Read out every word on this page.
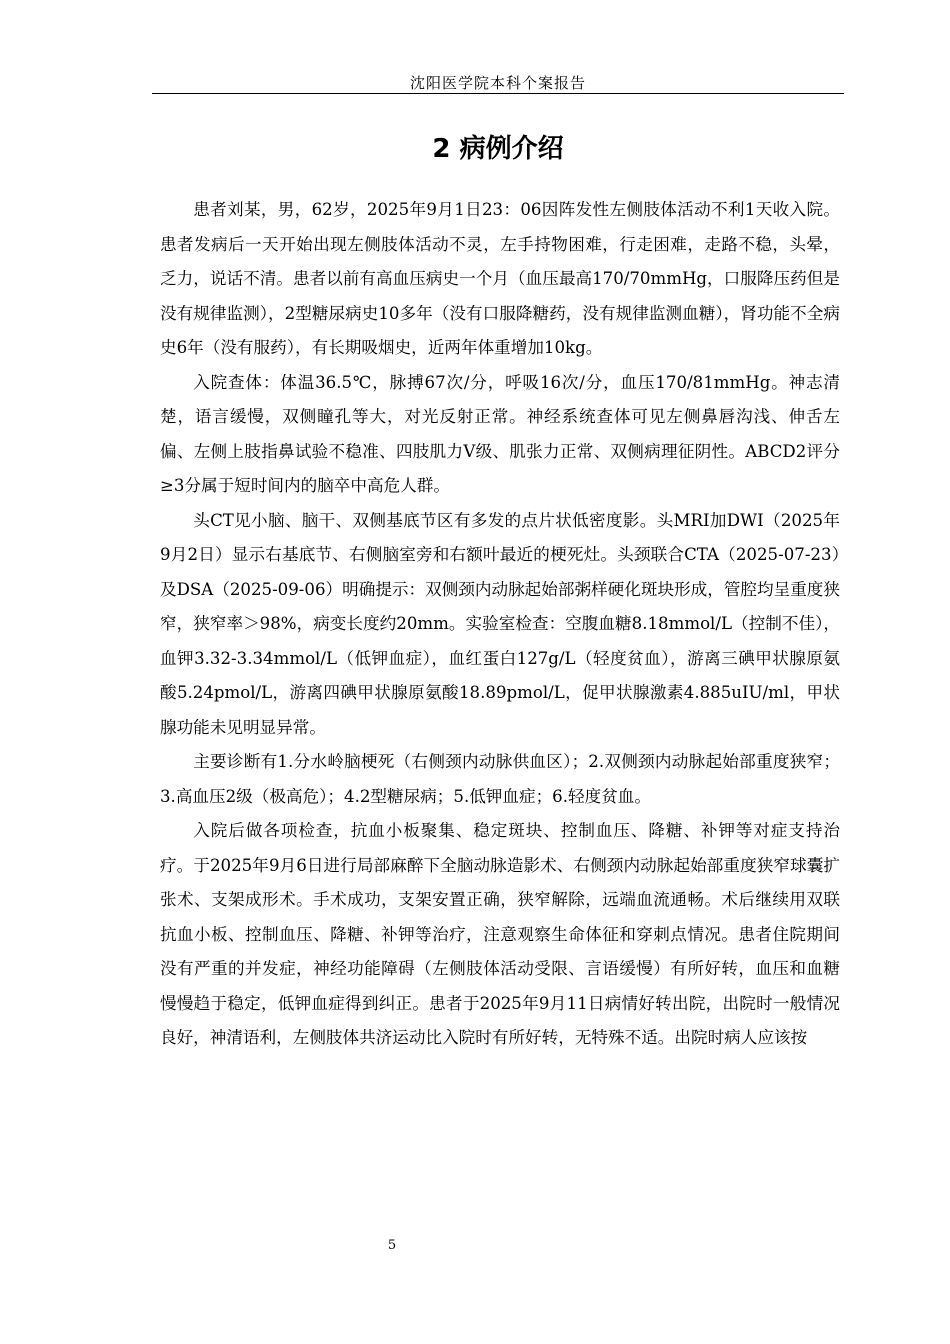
沈阳医学院本科个案报告
2 病例介绍

患者刘某，男，62岁，2025年9月1日23：06因阵发性左侧肢体活动不利1天收入院。患者发病后一天开始出现左侧肢体活动不灵，左手持物困难，行走困难，走路不稳，头晕，乏力，说话不清。患者以前有高血压病史一个月（血压最高170/70mmHg，口服降压药但是没有规律监测），2型糖尿病史10多年（没有口服降糖药，没有规律监测血糖），肾功能不全病史6年（没有服药），有长期吸烟史，近两年体重增加10kg。

入院查体：体温36.5℃，脉搏67次/分，呼吸16次/分，血压170/81mmHg。神志清楚，语言缓慢，双侧瞳孔等大，对光反射正常。神经系统查体可见左侧鼻唇沟浅、伸舌左偏、左侧上肢指鼻试验不稳准、四肢肌力Ⅴ级、肌张力正常、双侧病理征阴性。ABCD2评分≥3分属于短时间内的脑卒中高危人群。

头CT见小脑、脑干、双侧基底节区有多发的点片状低密度影。头MRI加DWI（2025年9月2日）显示右基底节、右侧脑室旁和右额叶最近的梗死灶。头颈联合CTA（2025-07-23）及DSA（2025-09-06）明确提示：双侧颈内动脉起始部粥样硬化斑块形成，管腔均呈重度狭窄，狭窄率＞98%，病变长度约20mm。实验室检查：空腹血糖8.18mmol/L（控制不佳），血钾3.32-3.34mmol/L（低钾血症），血红蛋白127g/L（轻度贫血），游离三碘甲状腺原氨酸5.24pmol/L，游离四碘甲状腺原氨酸18.89pmol/L，促甲状腺激素4.885uIU/ml，甲状腺功能未见明显异常。

主要诊断有1.分水岭脑梗死（右侧颈内动脉供血区）；2.双侧颈内动脉起始部重度狭窄；3.高血压2级（极高危）；4.2型糖尿病；5.低钾血症；6.轻度贫血。

入院后做各项检查，抗血小板聚集、稳定斑块、控制血压、降糖、补钾等对症支持治疗。于2025年9月6日进行局部麻醉下全脑动脉造影术、右侧颈内动脉起始部重度狭窄球囊扩张术、支架成形术。手术成功，支架安置正确，狭窄解除，远端血流通畅。术后继续用双联抗血小板、控制血压、降糖、补钾等治疗，注意观察生命体征和穿刺点情况。患者住院期间没有严重的并发症，神经功能障碍（左侧肢体活动受限、言语缓慢）有所好转，血压和血糖慢慢趋于稳定，低钾血症得到纠正。患者于2025年9月11日病情好转出院，出院时一般情况良好，神清语利，左侧肢体共济运动比入院时有所好转，无特殊不适。出院时病人应该按

5
